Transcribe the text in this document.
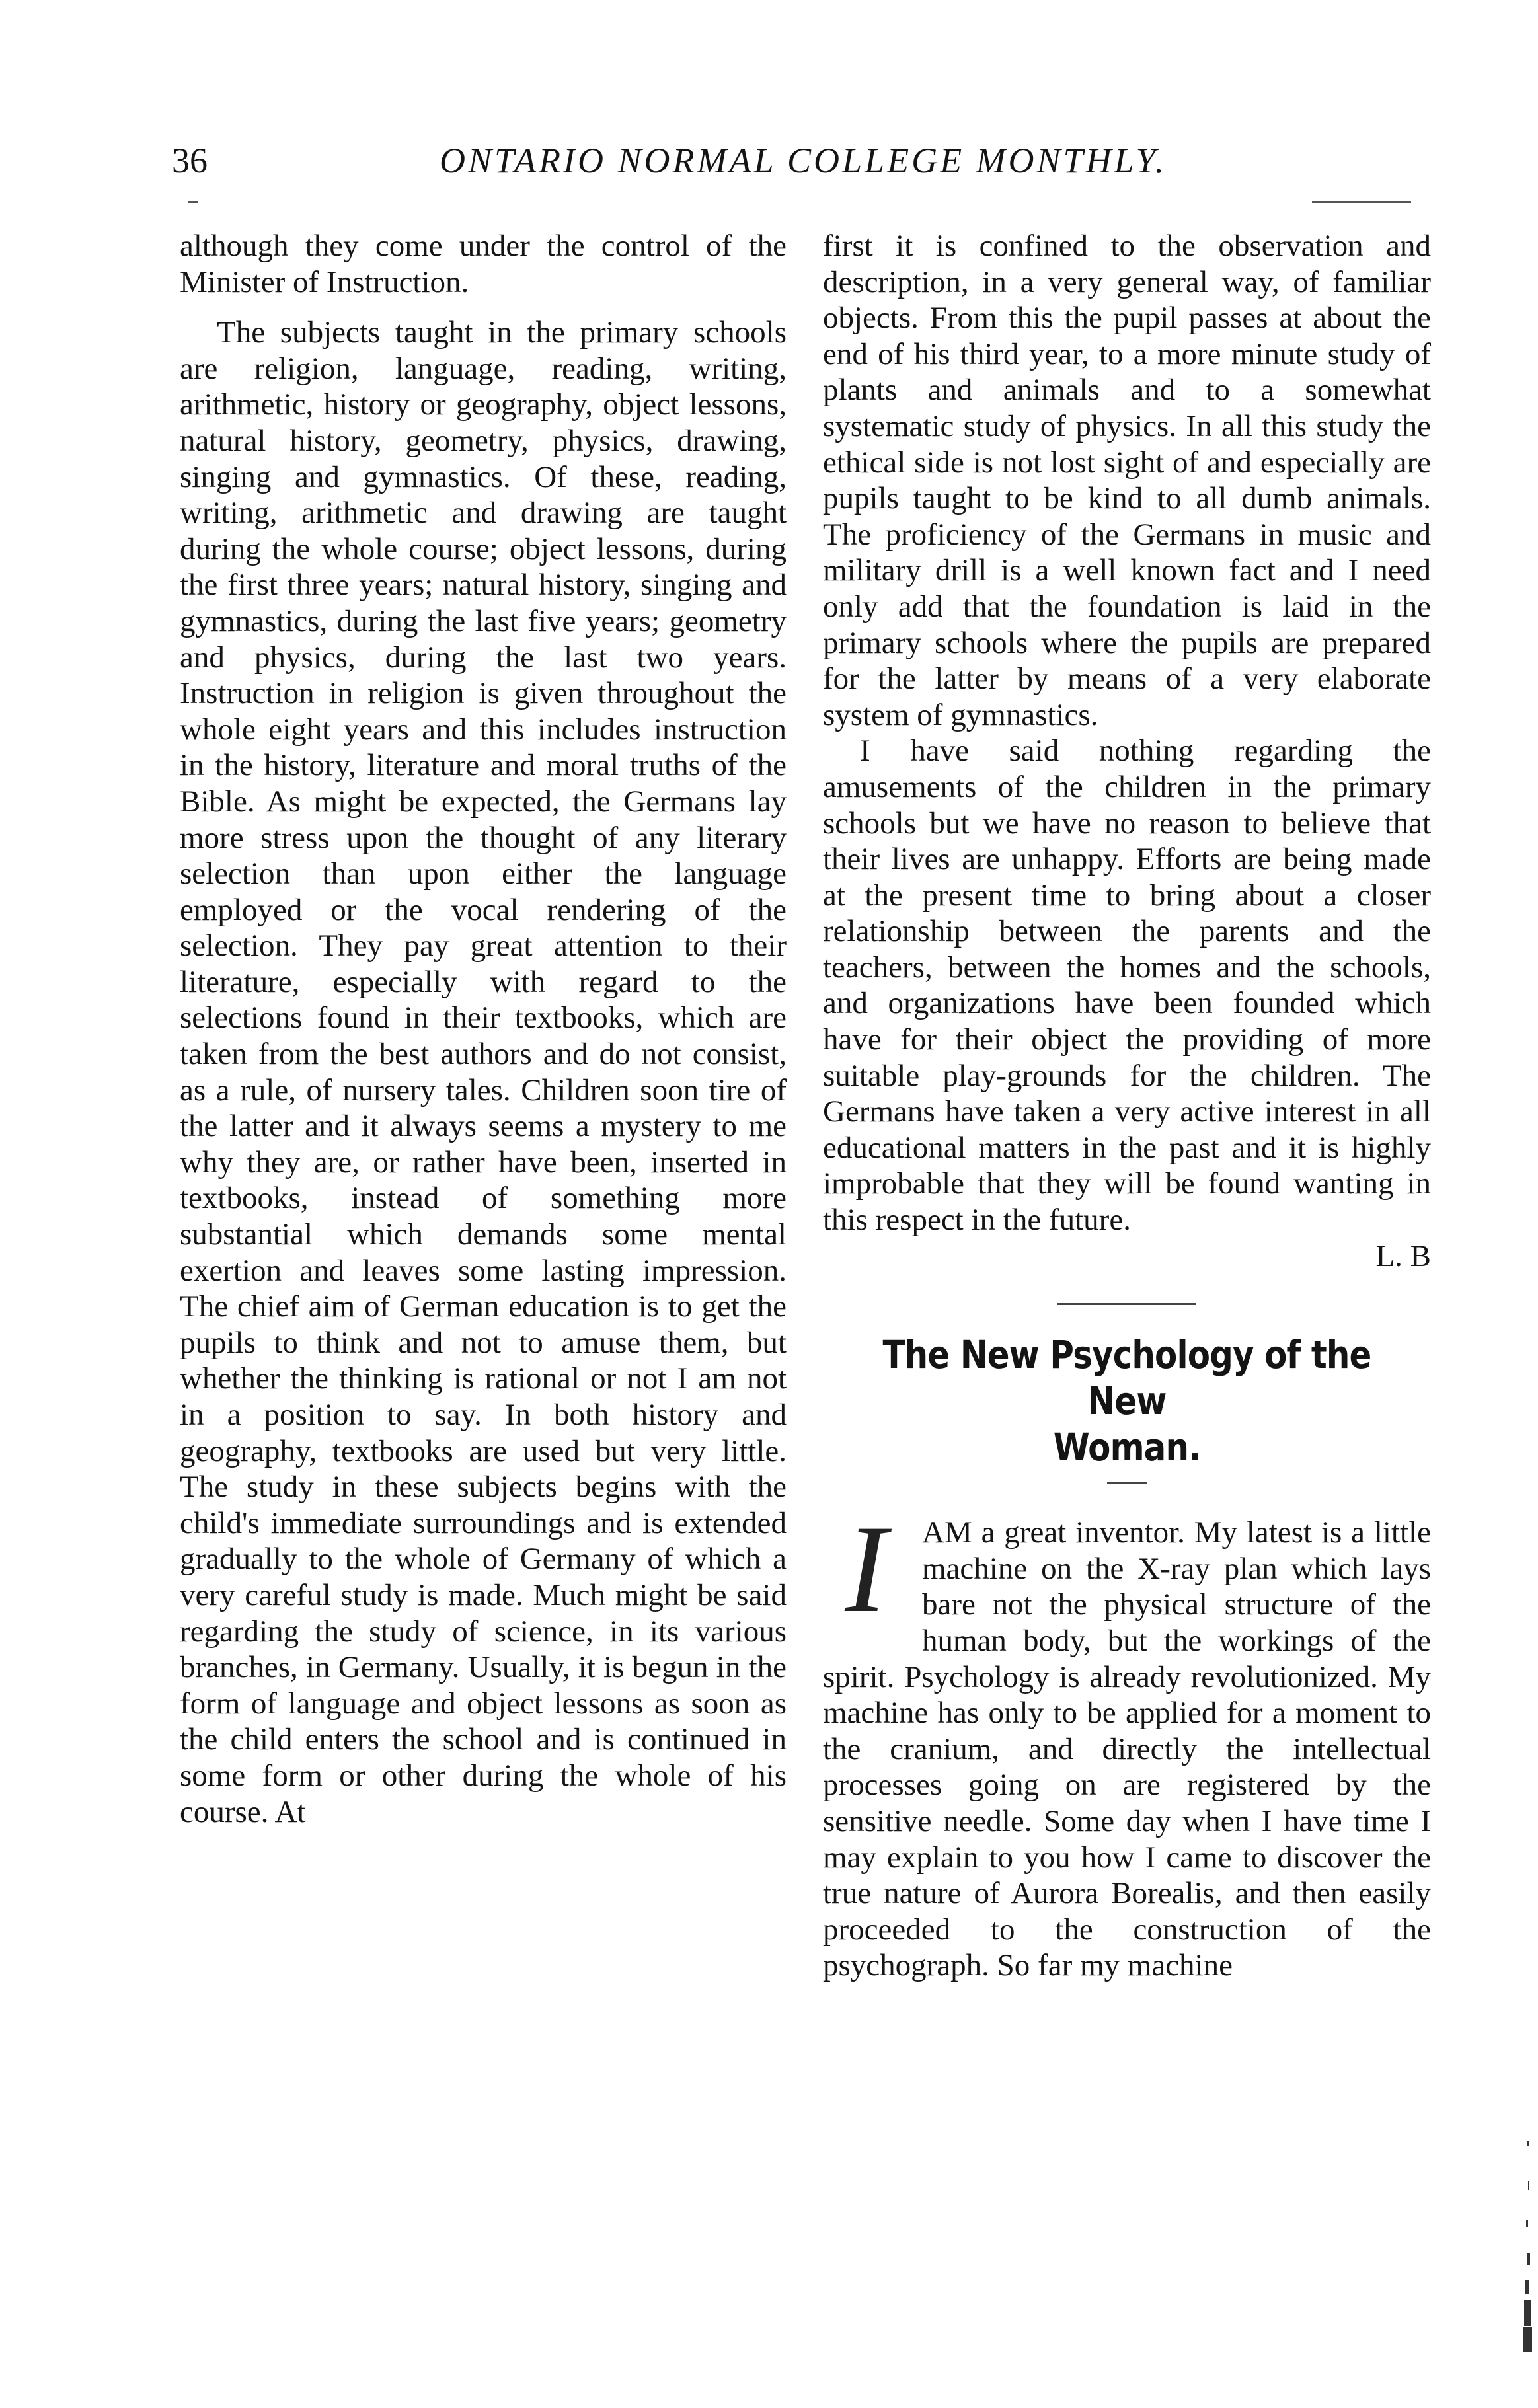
36	ONTARIO NORMAL COLLEGE MONTHLY.

although they come under the control of the Minister of Instruction.

The subjects taught in the primary schools are religion, language, reading, writing, arithmetic, history or geography, object lessons, natural history, geometry, physics, drawing, singing and gymnastics. Of these, reading, writing, arithmetic and drawing are taught during the whole course; object lessons, during the first three years; natural history, singing and gymnastics, during the last five years; geometry and physics, during the last two years. Instruction in religion is given throughout the whole eight years and this includes instruction in the history, literature and moral truths of the Bible. As might be expected, the Germans lay more stress upon the thought of any literary selection than upon either the language employed or the vocal rendering of the selection. They pay great attention to their literature, especially with regard to the selections found in their textbooks, which are taken from the best authors and do not consist, as a rule, of nursery tales. Children soon tire of the latter and it always seems a mystery to me why they are, or rather have been, inserted in textbooks, instead of something more substantial which demands some mental exertion and leaves some lasting impression. The chief aim of German education is to get the pupils to think and not to amuse them, but whether the thinking is rational or not I am not in a position to say. In both history and geography, textbooks are used but very little. The study in these subjects begins with the child's immediate surroundings and is extended gradually to the whole of Germany of which a very careful study is made. Much might be said regarding the study of science, in its various branches, in Germany. Usually, it is begun in the form of language and object lessons as soon as the child enters the school and is continued in some form or other during the whole of his course. At

first it is confined to the observation and description, in a very general way, of familiar objects. From this the pupil passes at about the end of his third year, to a more minute study of plants and animals and to a somewhat systematic study of physics. In all this study the ethical side is not lost sight of and especially are pupils taught to be kind to all dumb animals. The proficiency of the Germans in music and military drill is a well known fact and I need only add that the foundation is laid in the primary schools where the pupils are prepared for the latter by means of a very elaborate system of gymnastics.

I have said nothing regarding the amusements of the children in the primary schools but we have no reason to believe that their lives are unhappy. Efforts are being made at the present time to bring about a closer relationship between the parents and the teachers, between the homes and the schools, and organizations have been founded which have for their object the providing of more suitable play-grounds for the children. The Germans have taken a very active interest in all educational matters in the past and it is highly improbable that they will be found wanting in this respect in the future.

L. B

The New Psychology of the New
Woman.

I	AM a great inventor. My latest is a little machine on the X-ray plan which lays bare not the physical structure of the human body, but the workings of the spirit. Psychology is already revolutionized. My machine has only to be applied for a moment to the cranium, and directly the intellectual processes going on are registered by the sensitive needle. Some day when I have time I may explain to you how I came to discover the true nature of Aurora Borealis, and then easily proceeded to the construction of the psychograph. So far my machine
